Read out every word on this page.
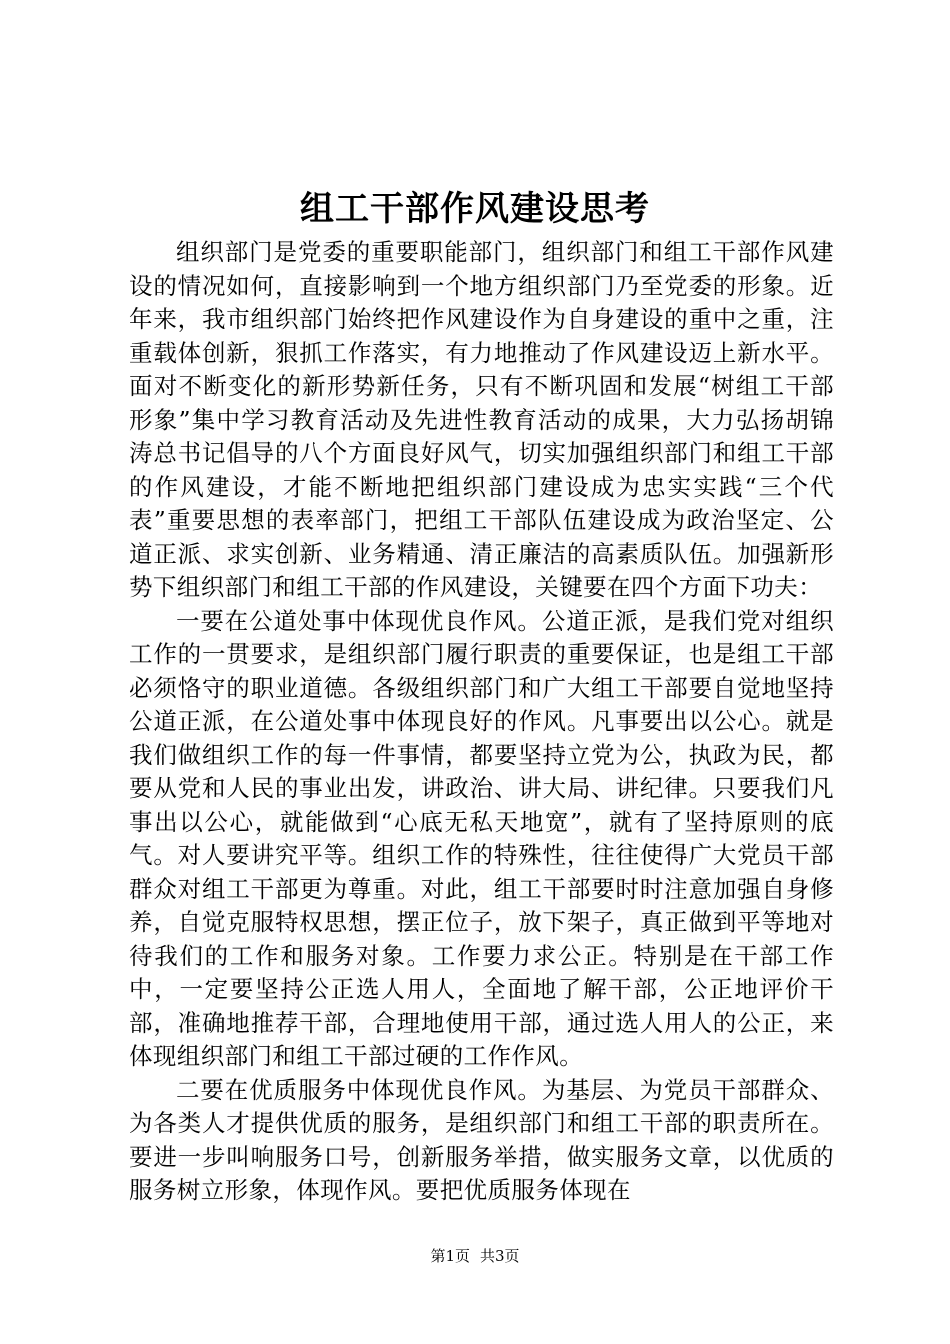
组工干部作风建设思考

组织部门是党委的重要职能部门，组织部门和组工干部作风建设的情况如何，直接影响到一个地方组织部门乃至党委的形象。近年来，我市组织部门始终把作风建设作为自身建设的重中之重，注重载体创新，狠抓工作落实，有力地推动了作风建设迈上新水平。面对不断变化的新形势新任务，只有不断巩固和发展“树组工干部形象”集中学习教育活动及先进性教育活动的成果，大力弘扬胡锦涛总书记倡导的八个方面良好风气，切实加强组织部门和组工干部的作风建设，才能不断地把组织部门建设成为忠实实践“三个代表”重要思想的表率部门，把组工干部队伍建设成为政治坚定、公道正派、求实创新、业务精通、清正廉洁的高素质队伍。加强新形势下组织部门和组工干部的作风建设，关键要在四个方面下功夫：

一要在公道处事中体现优良作风。公道正派，是我们党对组织工作的一贯要求，是组织部门履行职责的重要保证，也是组工干部必须恪守的职业道德。各级组织部门和广大组工干部要自觉地坚持公道正派，在公道处事中体现良好的作风。凡事要出以公心。就是我们做组织工作的每一件事情，都要坚持立党为公，执政为民，都要从党和人民的事业出发，讲政治、讲大局、讲纪律。只要我们凡事出以公心，就能做到“心底无私天地宽”，就有了坚持原则的底气。对人要讲究平等。组织工作的特殊性，往往使得广大党员干部群众对组工干部更为尊重。对此，组工干部要时时注意加强自身修养，自觉克服特权思想，摆正位子，放下架子，真正做到平等地对待我们的工作和服务对象。工作要力求公正。特别是在干部工作中，一定要坚持公正选人用人，全面地了解干部，公正地评价干部，准确地推荐干部，合理地使用干部，通过选人用人的公正，来体现组织部门和组工干部过硬的工作作风。

二要在优质服务中体现优良作风。为基层、为党员干部群众、为各类人才提供优质的服务，是组织部门和组工干部的职责所在。要进一步叫响服务口号，创新服务举措，做实服务文章，以优质的服务树立形象，体现作风。要把优质服务体现在

第1页 共3页
